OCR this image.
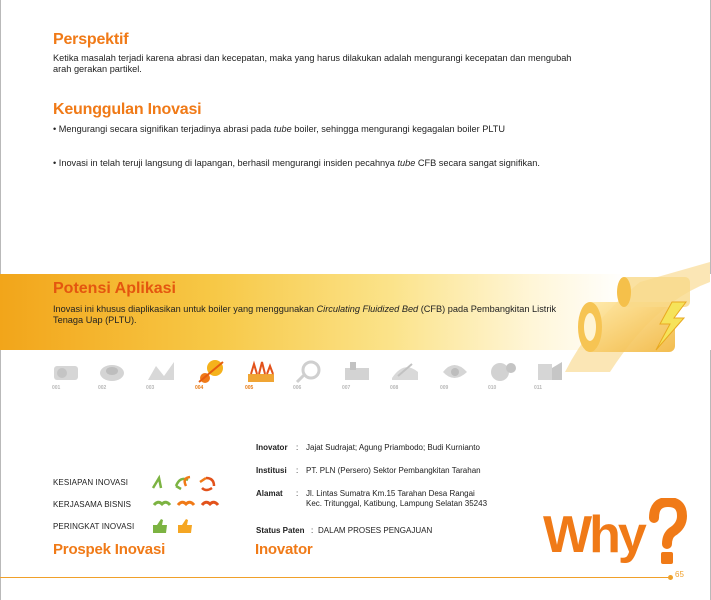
Perspektif

Ketika masalah terjadi karena abrasi dan kecepatan, maka yang harus dilakukan adalah mengurangi kecepatan dan mengubah arah gerakan partikel.

Keunggulan Inovasi

• Mengurangi secara signifikan terjadinya abrasi pada tube boiler, sehingga mengurangi kegagalan boiler PLTU

• Inovasi in telah teruji langsung di lapangan, berhasil mengurangi insiden pecahnya tube CFB secara sangat signifikan.

Potensi Aplikasi

Inovasi ini khusus diaplikasikan untuk boiler yang menggunakan Circulating Fluidized Bed (CFB) pada Pembangkitan Listrik Tenaga Uap (PLTU).

001	002	003	004	005	006	007	008	009	010	011
KESIAPAN INOVASI
KERJASAMA BISNIS
PERINGKAT INOVASI
Prospek Inovasi
Inovator : Jajat Sudrajat; Agung Priambodo; Budi Kurnianto
Institusi : PT. PLN (Persero) Sektor Pembangkitan Tarahan
Alamat : Jl. Lintas Sumatra Km.15 Tarahan Desa Rangai
Kec. Tritunggal, Katibung, Lampung Selatan 35243
Status Paten : DALAM PROSES PENGAJUAN
Inovator	Why
65
